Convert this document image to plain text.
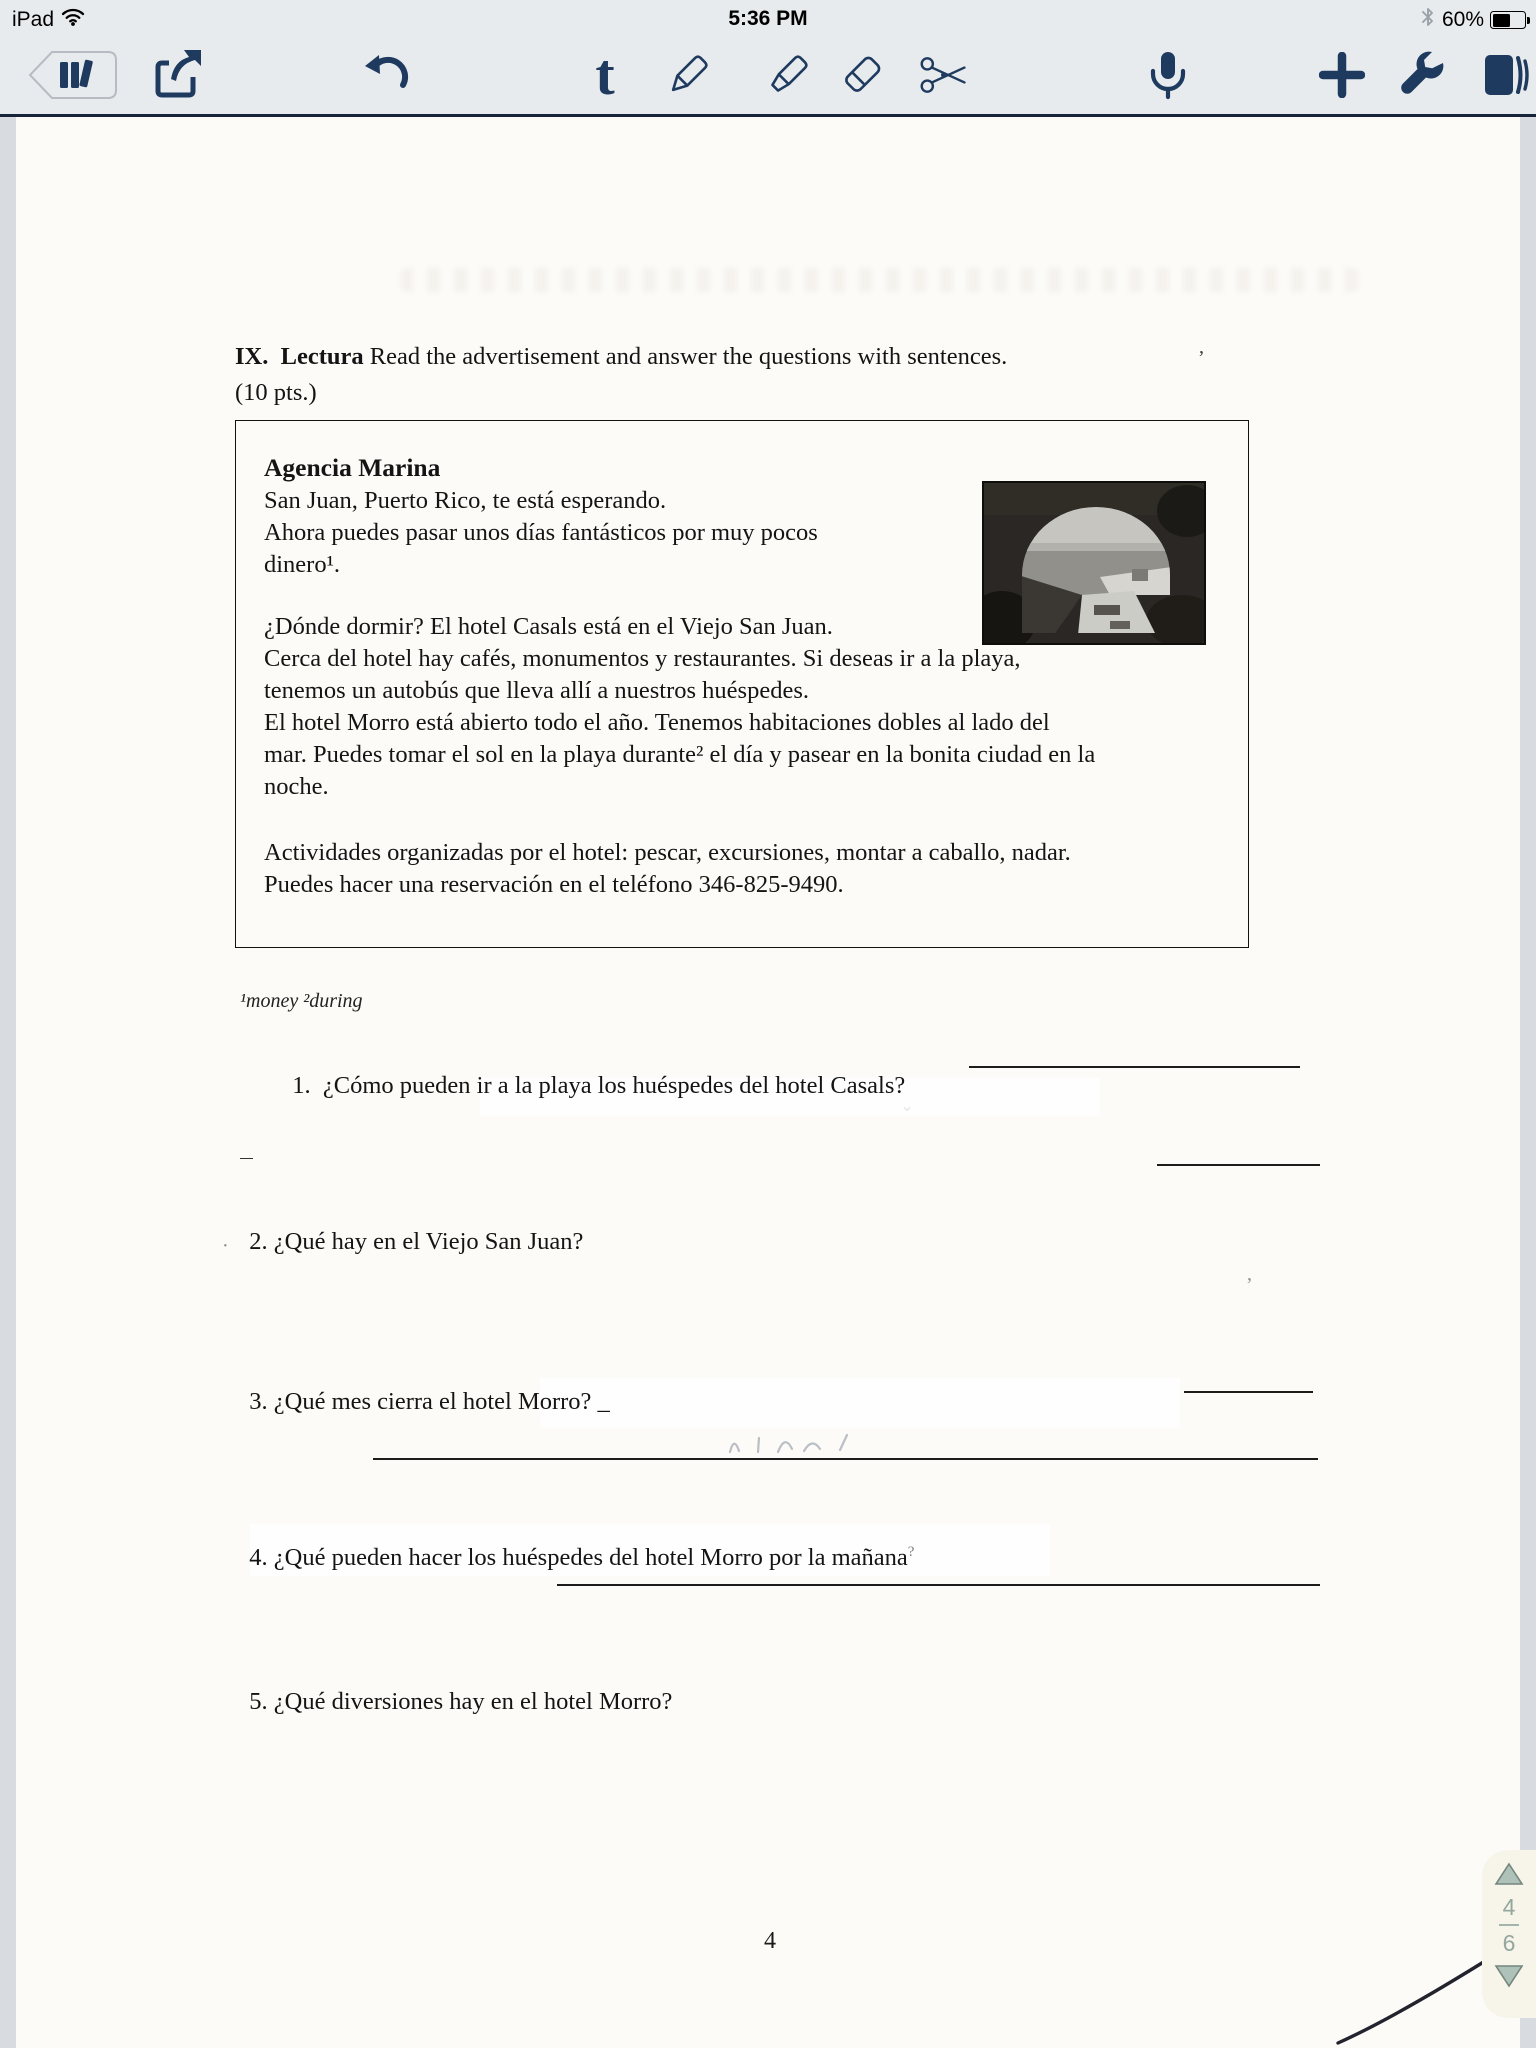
iPad	5:36 PM	60%
t
’
‚
·
IX. Lectura Read the advertisement and answer the questions with sentences.
(10 pts.)
Agencia Marina
San Juan, Puerto Rico, te está esperando.
Ahora puedes pasar unos días fantásticos por muy pocos
dinero¹.
¿Dónde dormir? El hotel Casals está en el Viejo San Juan.
Cerca del hotel hay cafés, monumentos y restaurantes. Si deseas ir a la playa,
tenemos un autobús que lleva allí a nuestros huéspedes.
El hotel Morro está abierto todo el año. Tenemos habitaciones dobles al lado del
mar. Puedes tomar el sol en la playa durante² el día y pasear en la bonita ciudad en la
noche.
Actividades organizadas por el hotel: pescar, excursiones, montar a caballo, nadar.
Puedes hacer una reservación en el teléfono 346-825-9490.
¹money ²during

1. ¿Cómo pueden ir a la playa los huéspedes del hotel Casals?

2. ¿Qué hay en el Viejo San Juan?

3. ¿Qué mes cierra el hotel Morro? _

4. ¿Qué pueden hacer los huéspedes del hotel Morro por la mañana?

5. ¿Qué diversiones hay en el hotel Morro?

4
4
6
